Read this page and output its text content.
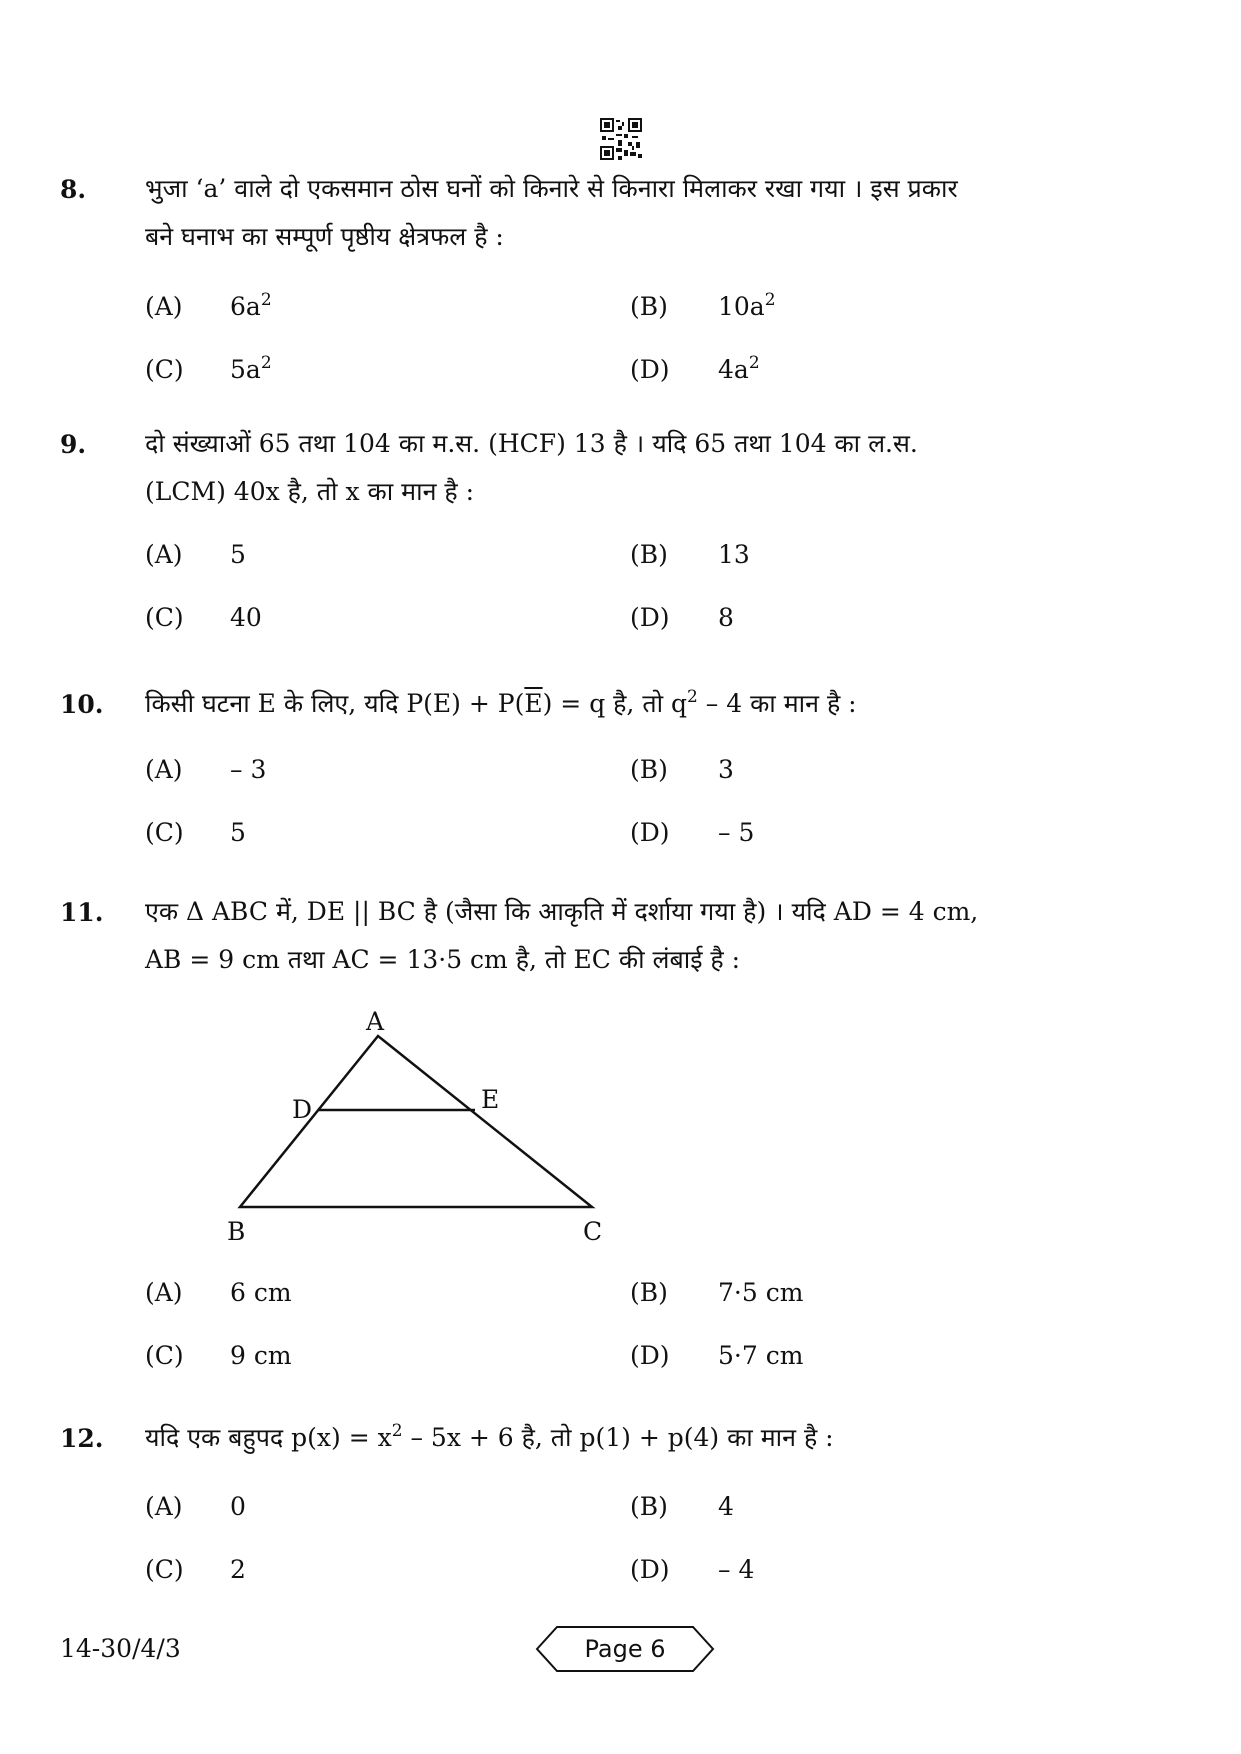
8. भुजा ‘a’ वाले दो एकसमान ठोस घनों को किनारे से किनारा मिलाकर रखा गया । इस प्रकार
बने घनाभ का सम्पूर्ण पृष्ठीय क्षेत्रफल है :
(A) $6a^2$	(B) $10a^2$
(C) $5a^2$	(D) $4a^2$
9. दो संख्याओं 65 तथा 104 का म.स. (HCF) 13 है । यदि 65 तथा 104 का ल.स.
(LCM) 40x है, तो x का मान है :
(A) 5	(B) 13
(C) 40	(D) 8
10. किसी घटना E के लिए, यदि $P(E) + P(\overline{E}) = q$ है, तो $q^2 - 4$ का मान है :
(A) – 3	(B) 3
(C) 5	(D) – 5
11. एक Δ ABC में, DE || BC है (जैसा कि आकृति में दर्शाया गया है) । यदि AD = 4 cm,
AB = 9 cm तथा AC = 13·5 cm है, तो EC की लंबाई है :
A
B	C
D	E
(A) 6 cm	(B) 7·5 cm
(C) 9 cm	(D) 5·7 cm
12. यदि एक बहुपद $p(x) = x^2 - 5x + 6$ है, तो p(1) + p(4) का मान है :
(A) 0	(B) 4
(C) 2	(D) – 4
14-30/4/3	Page 6
